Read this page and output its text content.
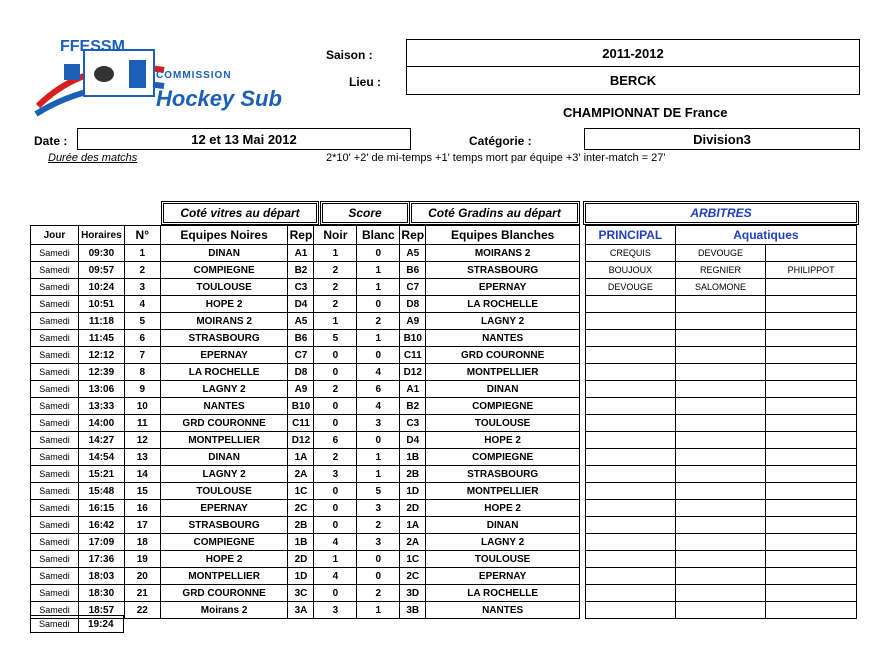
FFESSM
COMMISSION
Hockey Sub
Saison :	2011-2012
Lieu :	BERCK
CHAMPIONNAT DE France
Date :	12 et 13 Mai 2012	Catégorie :	Division3
Durée des matchs	2*10' +2' de mi-temps +1' temps mort par équipe +3' inter-match = 27'
Coté vitres au départ	Score	Coté Gradins au départ	ARBITRES
Jour	Horaires	N°	Equipes Noires	Rep	Noir	Blanc	Rep	Equipes Blanches
Samedi	09:30	1	DINAN	A1	1	0	A5	MOIRANS 2
Samedi	09:57	2	COMPIEGNE	B2	2	1	B6	STRASBOURG
Samedi	10:24	3	TOULOUSE	C3	2	1	C7	EPERNAY
Samedi	10:51	4	HOPE 2	D4	2	0	D8	LA ROCHELLE
Samedi	11:18	5	MOIRANS 2	A5	1	2	A9	LAGNY 2
Samedi	11:45	6	STRASBOURG	B6	5	1	B10	NANTES
Samedi	12:12	7	EPERNAY	C7	0	0	C11	GRD COURONNE
Samedi	12:39	8	LA ROCHELLE	D8	0	4	D12	MONTPELLIER
Samedi	13:06	9	LAGNY 2	A9	2	6	A1	DINAN
Samedi	13:33	10	NANTES	B10	0	4	B2	COMPIEGNE
Samedi	14:00	11	GRD COURONNE	C11	0	3	C3	TOULOUSE
Samedi	14:27	12	MONTPELLIER	D12	6	0	D4	HOPE 2
Samedi	14:54	13	DINAN	1A	2	1	1B	COMPIEGNE
Samedi	15:21	14	LAGNY 2	2A	3	1	2B	STRASBOURG
Samedi	15:48	15	TOULOUSE	1C	0	5	1D	MONTPELLIER
Samedi	16:15	16	EPERNAY	2C	0	3	2D	HOPE 2
Samedi	16:42	17	STRASBOURG	2B	0	2	1A	DINAN
Samedi	17:09	18	COMPIEGNE	1B	4	3	2A	LAGNY 2
Samedi	17:36	19	HOPE 2	2D	1	0	1C	TOULOUSE
Samedi	18:03	20	MONTPELLIER	1D	4	0	2C	EPERNAY
Samedi	18:30	21	GRD COURONNE	3C	0	2	3D	LA ROCHELLE
Samedi	18:57	22	Moirans 2	3A	3	1	3B	NANTES
PRINCIPAL	Aquatiques	
CREQUIS	DEVOUGE	
BOUJOUX	REGNIER	PHILIPPOT
DEVOUGE	SALOMONE	

Samedi	19:24
